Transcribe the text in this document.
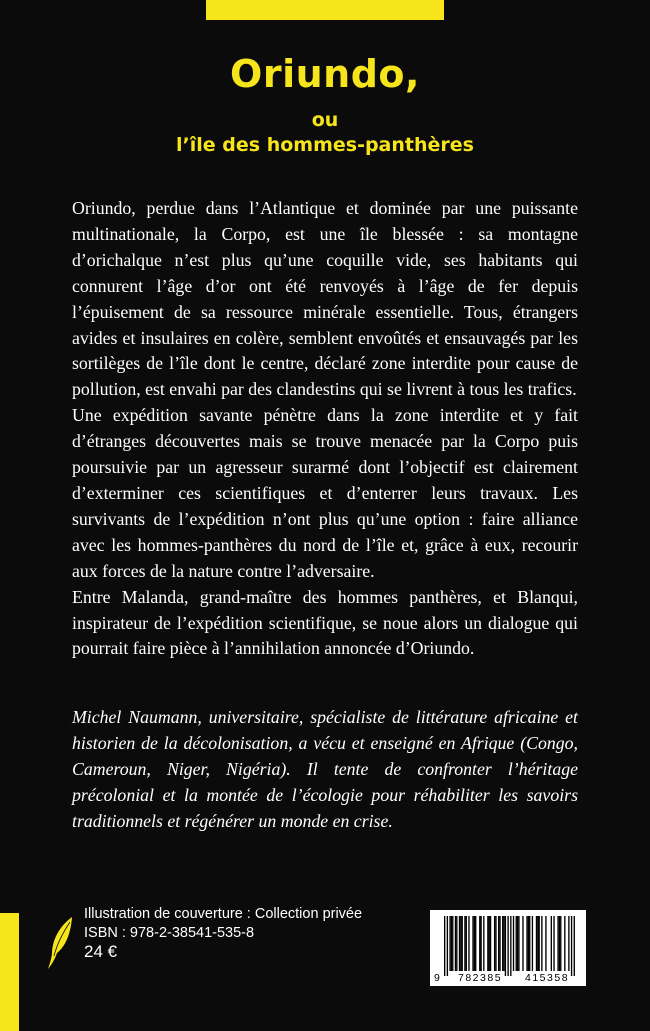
Oriundo,
ou
l’île des hommes-panthères

Oriundo, perdue dans l’Atlantique et dominée par une puissante multinationale, la Corpo, est une île blessée : sa montagne d’orichalque n’est plus qu’une coquille vide, ses habitants qui connurent l’âge d’or ont été renvoyés à l’âge de fer depuis l’épuisement de sa ressource minérale essentielle. Tous, étrangers avides et insulaires en colère, semblent envoûtés et ensauvagés par les sortilèges de l’île dont le centre, déclaré zone interdite pour cause de pollution, est envahi par des clandestins qui se livrent à tous les trafics.

Une expédition savante pénètre dans la zone interdite et y fait d’étranges découvertes mais se trouve menacée par la Corpo puis poursuivie par un agresseur surarmé dont l’objectif est clairement d’exterminer ces scientifiques et d’enterrer leurs travaux. Les survivants de l’expédition n’ont plus qu’une option : faire alliance avec les hommes-panthères du nord de l’île et, grâce à eux, recourir aux forces de la nature contre l’adversaire.

Entre Malanda, grand-maître des hommes panthères, et Blanqui, inspirateur de l’expédition scientifique, se noue alors un dialogue qui pourrait faire pièce à l’annihilation annoncée d’Oriundo.

Michel Naumann, universitaire, spécialiste de littérature africaine et historien de la décolonisation, a vécu et enseigné en Afrique (Congo, Cameroun, Niger, Nigéria). Il tente de confronter l’héritage précolonial et la montée de l’écologie pour réhabiliter les savoirs traditionnels et régénérer un monde en crise.
Illustration de couverture : Collection privée
ISBN : 978-2-38541-535-8
24 €
9 782385 415358
